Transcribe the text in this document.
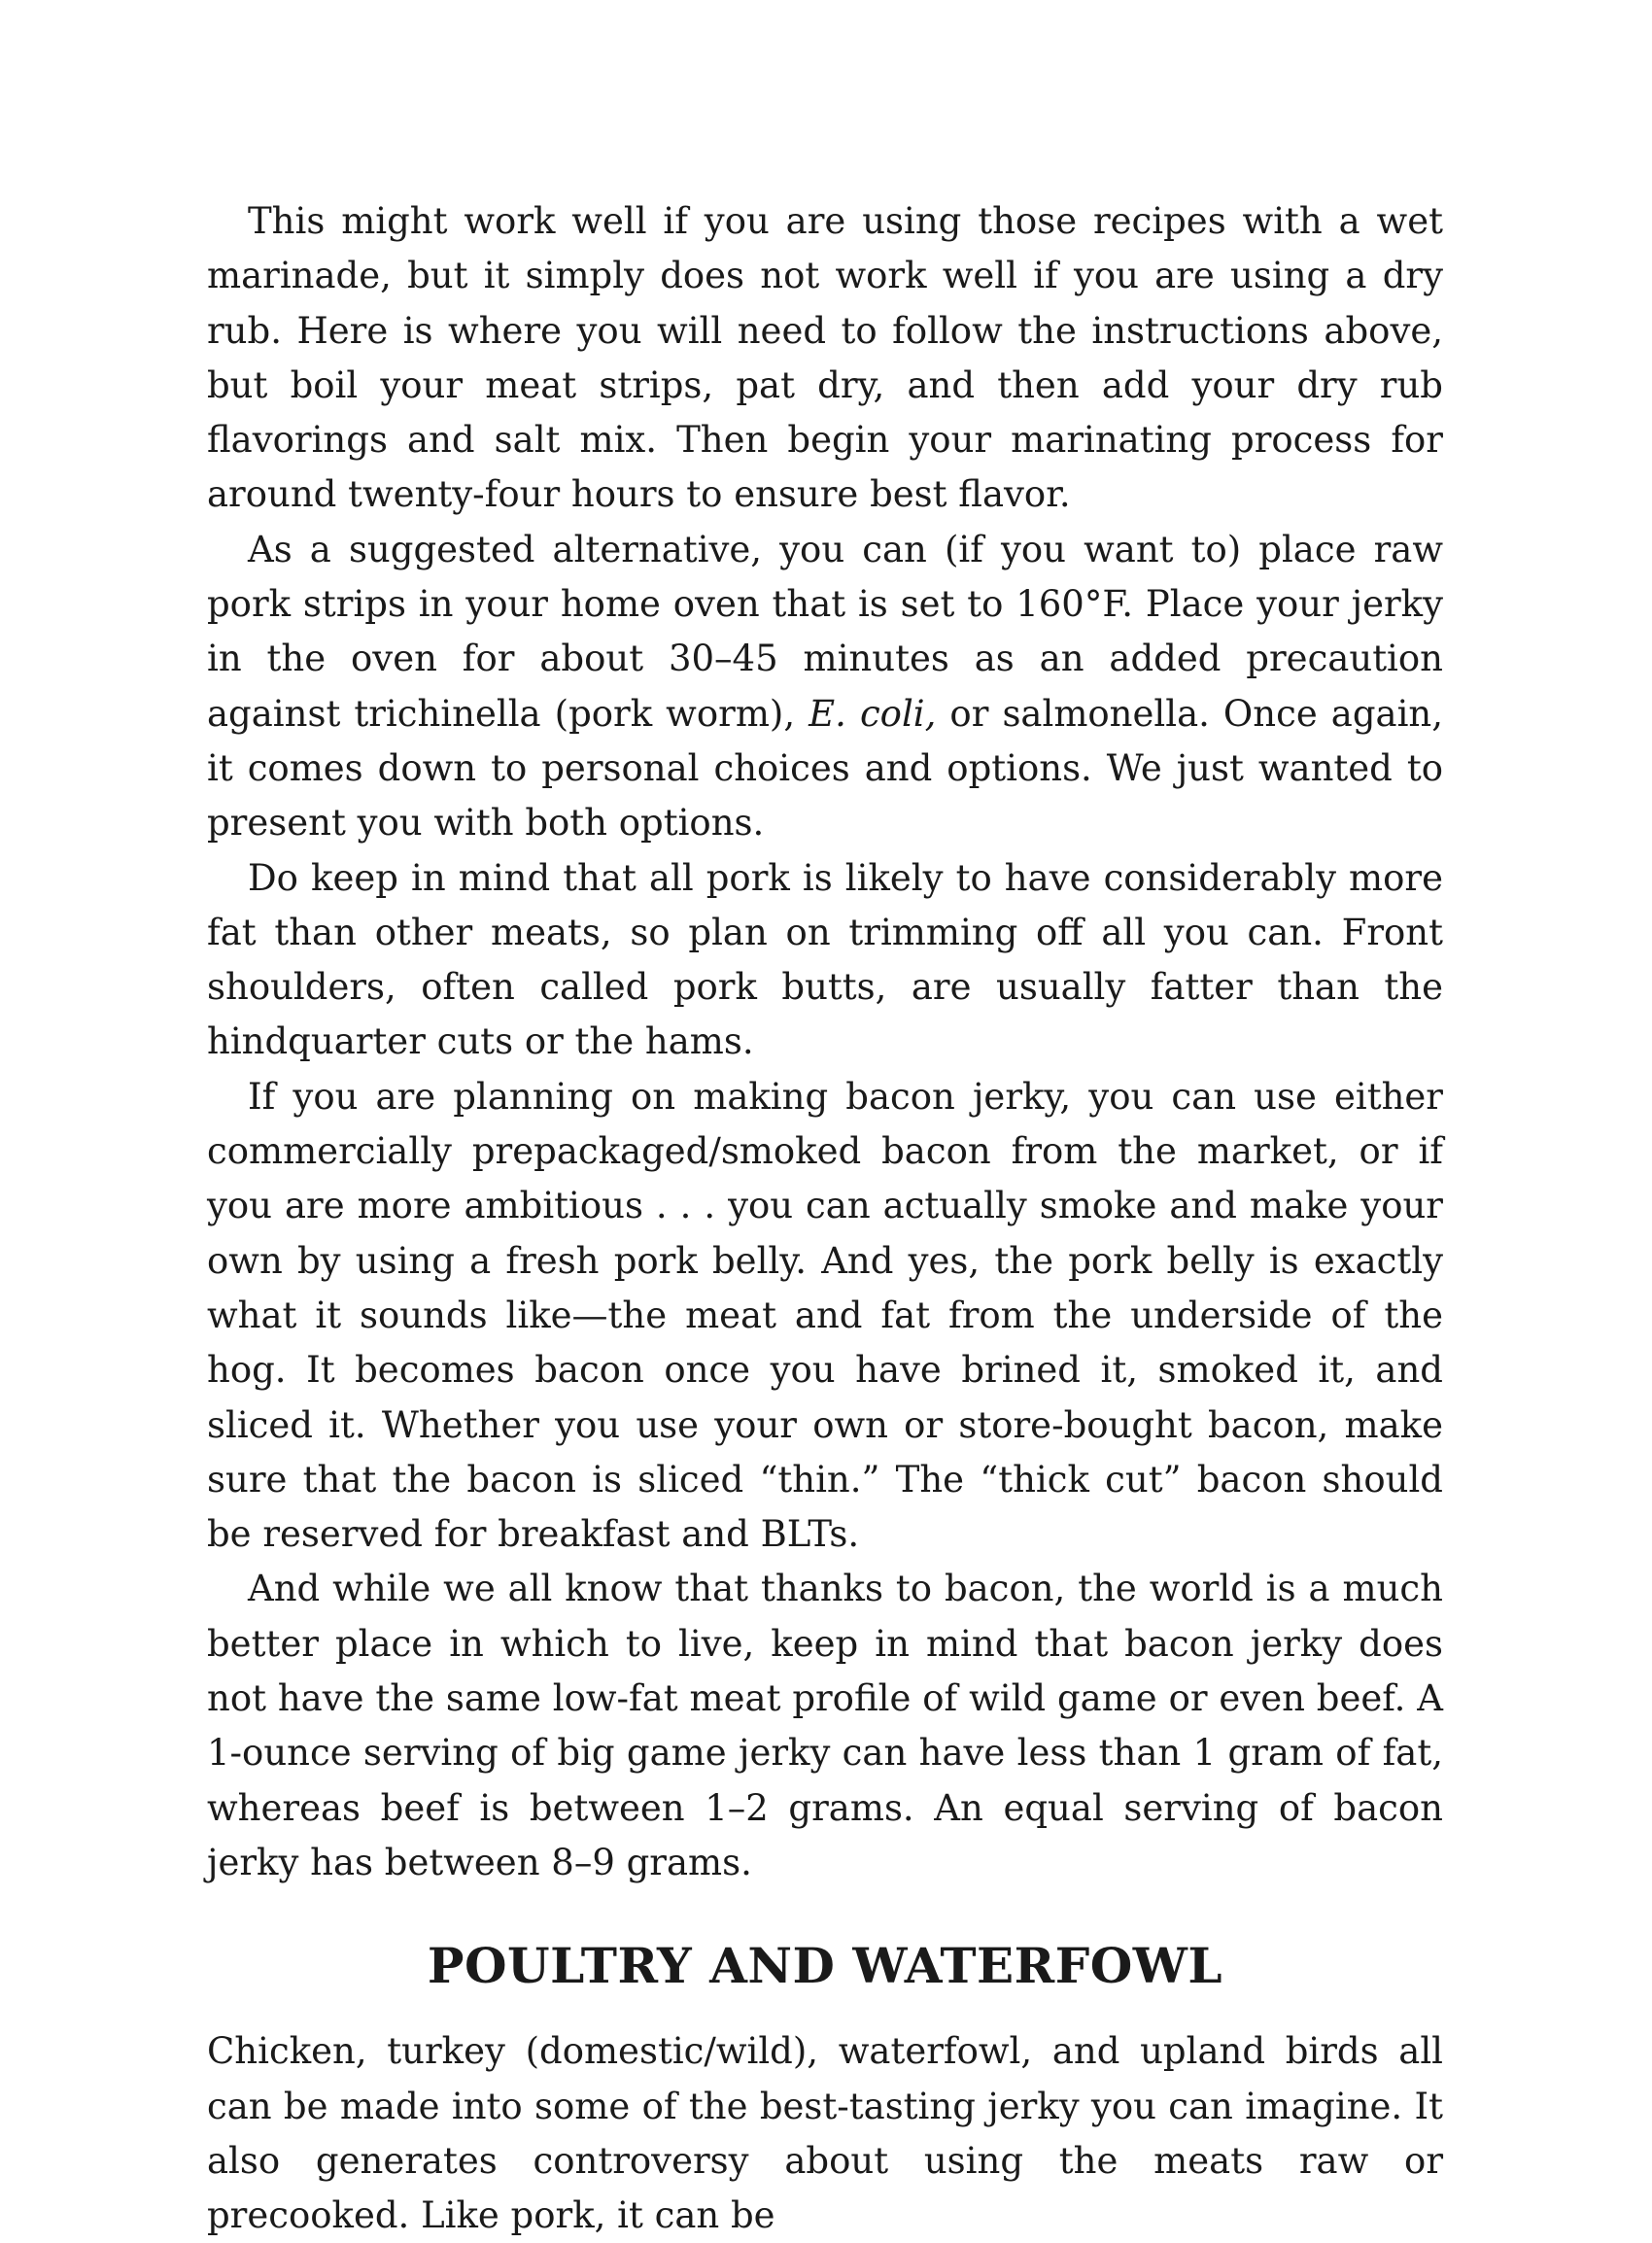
This might work well if you are using those recipes with a wet marinade, but it simply does not work well if you are using a dry rub. Here is where you will need to follow the instructions above, but boil your meat strips, pat dry, and then add your dry rub flavorings and salt mix. Then begin your marinating process for around twenty-four hours to ensure best flavor.

As a suggested alternative, you can (if you want to) place raw pork strips in your home oven that is set to 160°F. Place your jerky in the oven for about 30–45 minutes as an added precaution against trichinella (pork worm), E. coli, or salmonella. Once again, it comes down to personal choices and options. We just wanted to present you with both options.

Do keep in mind that all pork is likely to have considerably more fat than other meats, so plan on trimming off all you can. Front shoulders, often called pork butts, are usually fatter than the hindquarter cuts or the hams.

If you are planning on making bacon jerky, you can use either commercially prepackaged/smoked bacon from the market, or if you are more ambitious . . . you can actually smoke and make your own by using a fresh pork belly. And yes, the pork belly is exactly what it sounds like—the meat and fat from the underside of the hog. It becomes bacon once you have brined it, smoked it, and sliced it. Whether you use your own or store-bought bacon, make sure that the bacon is sliced “thin.” The “thick cut” bacon should be reserved for breakfast and BLTs.

And while we all know that thanks to bacon, the world is a much better place in which to live, keep in mind that bacon jerky does not have the same low-fat meat profile of wild game or even beef. A 1-ounce serving of big game jerky can have less than 1 gram of fat, whereas beef is between 1–2 grams. An equal serving of bacon jerky has between 8–9 grams.

POULTRY AND WATERFOWL

Chicken, turkey (domestic/wild), waterfowl, and upland birds all can be made into some of the best-tasting jerky you can imagine. It also generates controversy about using the meats raw or precooked. Like pork, it can be
